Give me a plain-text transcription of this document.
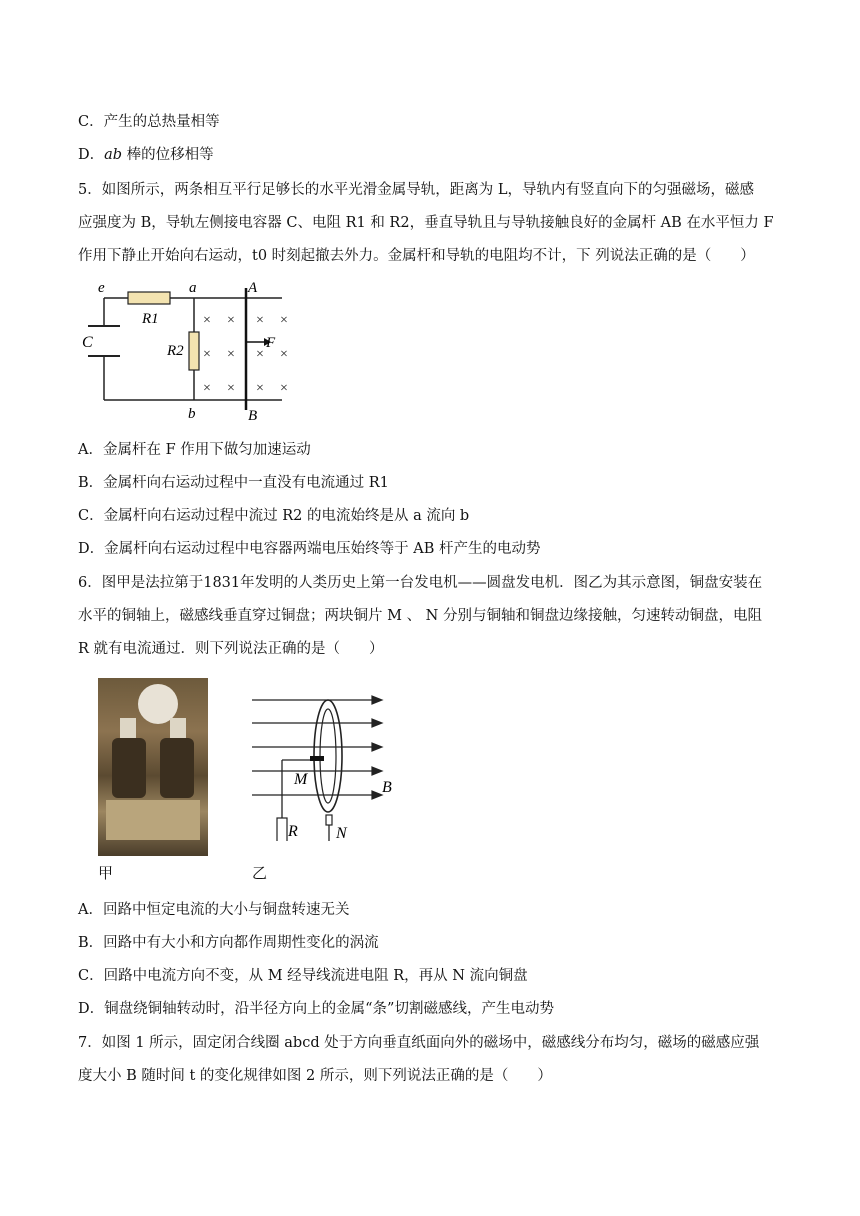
C．产生的总热量相等
D．ab 棒的位移相等
5．如图所示，两条相互平行足够长的水平光滑金属导轨，距离为 L，导轨内有竖直向下的匀强磁场，磁感
应强度为 B，导轨左侧接电容器 C、电阻 R1 和 R2，垂直导轨且与导轨接触良好的金属杆 AB 在水平恒力 F
作用下静止开始向右运动，t0 时刻起撤去外力。金属杆和导轨的电阻均不计，下 列说法正确的是（　　）
× × × ×
× × × ×
× × × ×
e	a	A
R1
C	R2	F
b	B
A．金属杆在 F 作用下做匀加速运动
B．金属杆向右运动过程中一直没有电流通过 R1
C．金属杆向右运动过程中流过 R2 的电流始终是从 a 流向 b
D．金属杆向右运动过程中电容器两端电压始终等于 AB 杆产生的电动势
6．图甲是法拉第于1831年发明的人类历史上第一台发电机——圆盘发电机．图乙为其示意图，铜盘安装在
水平的铜轴上，磁感线垂直穿过铜盘；两块铜片 M 、 N 分别与铜轴和铜盘边缘接触，匀速转动铜盘，电阻
R 就有电流通过．则下列说法正确的是（　　）
甲
M	B
R N
乙
A．回路中恒定电流的大小与铜盘转速无关
B．回路中有大小和方向都作周期性变化的涡流
C．回路中电流方向不变，从 M 经导线流进电阻 R，再从 N 流向铜盘
D．铜盘绕铜轴转动时，沿半径方向上的金属“条”切割磁感线，产生电动势
7．如图 1 所示，固定闭合线圈 abcd 处于方向垂直纸面向外的磁场中，磁感线分布均匀，磁场的磁感应强
度大小 B 随时间 t 的变化规律如图 2 所示，则下列说法正确的是（　　）
